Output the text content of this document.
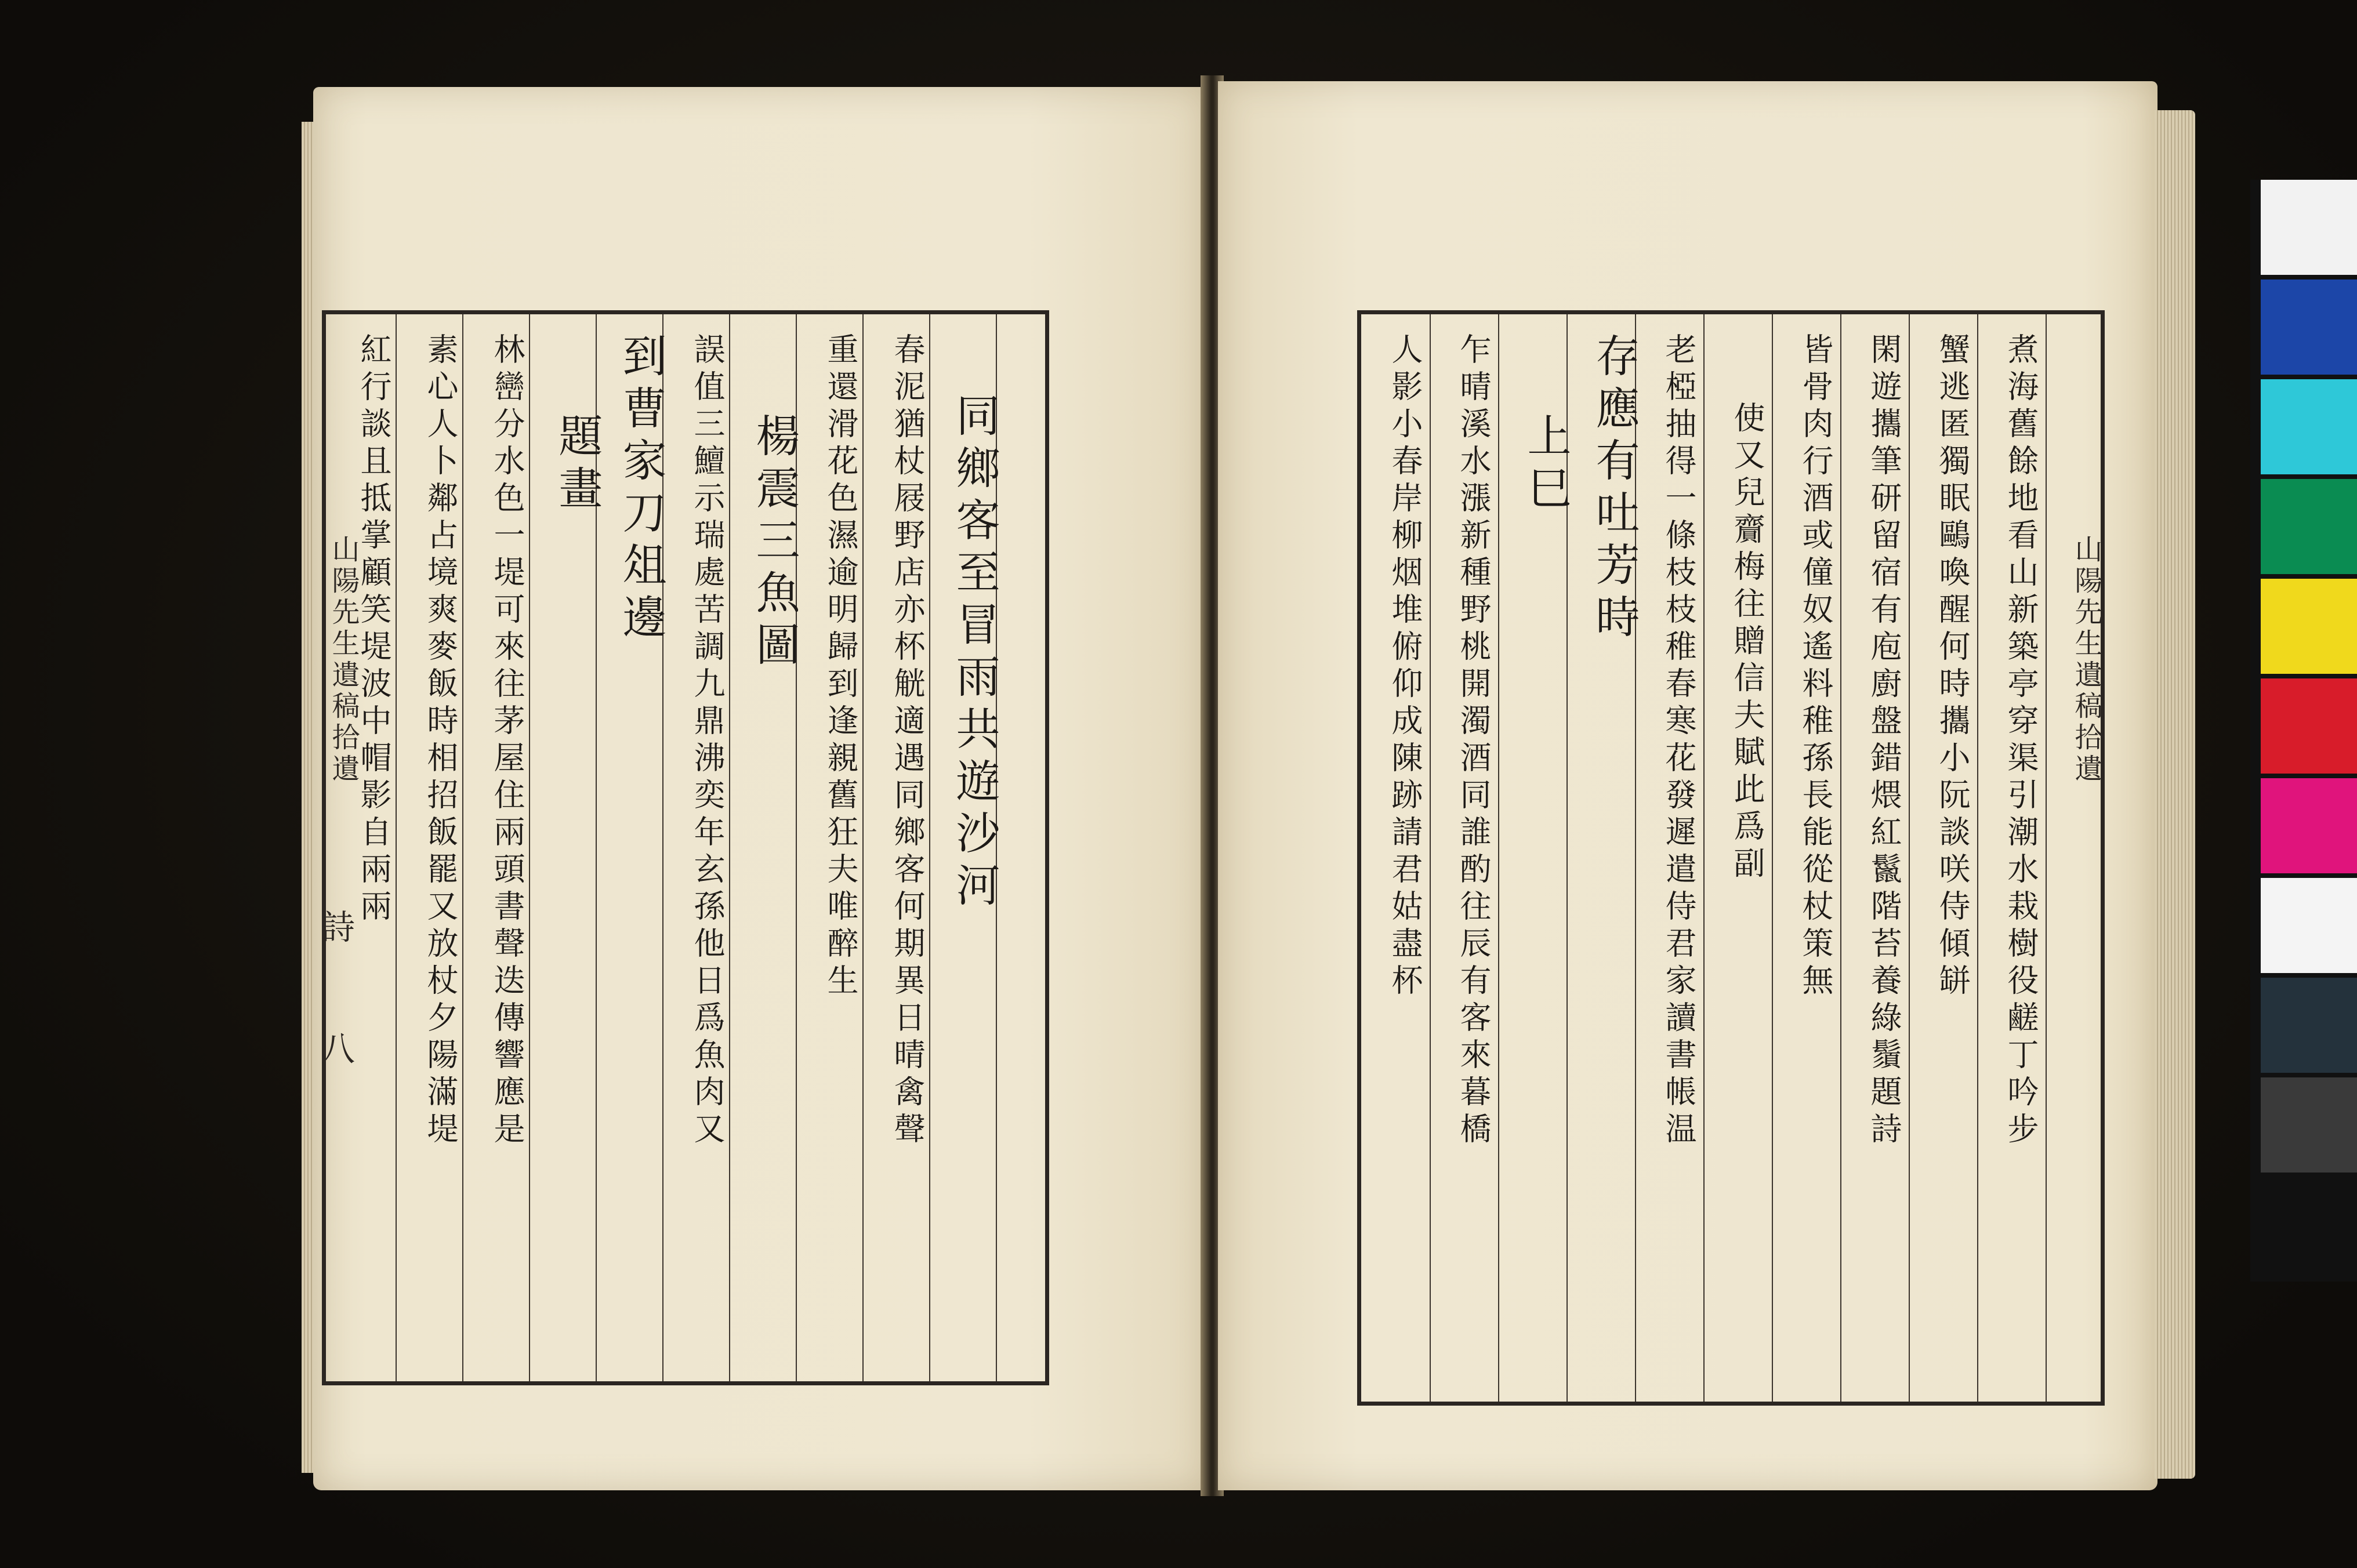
山陽先生遺稿拾遺
詩
八
同鄉客至冒雨共遊沙河
春泥猶杖屐野店亦杯觥適遇同鄉客何期異日晴禽聲
重還滑花色濕逾明歸到逢親舊狂夫唯醉生
楊震三魚圖
誤值三鱣示瑞處苦調九鼎沸奕年玄孫他日爲魚肉又
到曹家刀俎邊
題畫
林巒分水色一堤可來往茅屋住兩頭書聲迭傳響應是
素心人卜鄰占境爽麥飯時相招飯罷又放杖夕陽滿堤
紅行談且抵掌顧笑堤波中帽影自兩兩	山陽先生遺稿拾遺
煮海舊餘地看山新築亭穿渠引潮水栽樹役鹺丁吟步
蟹逃匿獨眠鷗喚醒何時攜小阮談咲侍傾缾
閑遊攜筆研留宿有庖廚盤錯煨紅鬣階苔養綠鬚題詩
皆骨肉行酒或僮奴遙料稚孫長能從杖策無
使又兒齎梅往贈信夫賦此爲副
老椏抽得一條枝枝稚春寒花發遲遣侍君家讀書帳温
存應有吐芳時
上巳
乍晴溪水漲新種野桃開濁酒同誰酌往辰有客來暮橋
人影小春岸柳烟堆俯仰成陳跡請君姑盡杯
